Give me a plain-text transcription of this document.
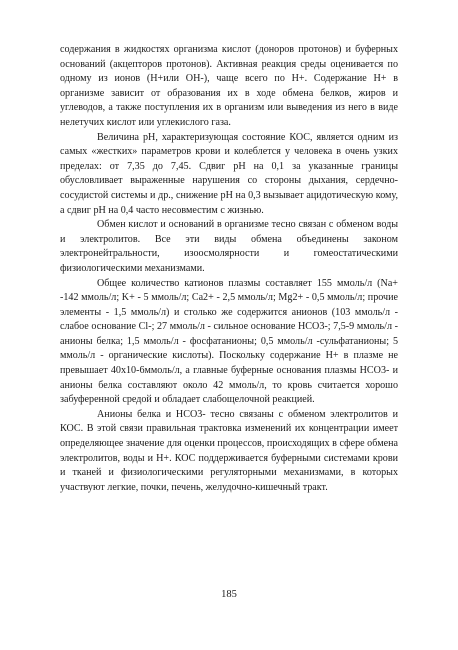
содержания в жидкостях организма кислот (доноров протонов) и буферных оснований (акцепторов протонов). Активная реакция среды оценивается по одному из ионов (H+или OH-), чаще всего по H+. Содержание H+ в организме зависит от образования их в ходе обмена белков, жиров и углеводов, а также поступления их в организм или выведения из него в виде нелетучих кислот или углекислого газа.

Величина pH, характеризующая состояние КОС, является одним из самых «жестких» параметров крови и колеблется у человека в очень узких пределах: от 7,35 до 7,45. Сдвиг pH на 0,1 за указанные границы обусловливает выраженные нарушения со стороны дыхания, сердечно-сосудистой системы и др., снижение pH на 0,3 вызывает ацидотическую кому, а сдвиг pH на 0,4 часто несовместим с жизнью.

Обмен кислот и оснований в организме тесно связан с обменом воды и электролитов. Все эти виды обмена объединены законом электронейтральности, изоосмолярности и гомеостатическими физиологическими механизмами.

Общее количество катионов плазмы составляет 155 ммоль/л (Na+ -142 ммоль/л; K+ - 5 ммоль/л; Ca2+ - 2,5 ммоль/л; Mg2+ - 0,5 ммоль/л; прочие элементы - 1,5 ммоль/л) и столько же содержится анионов (103 ммоль/л - слабое основание Cl-; 27 ммоль/л - сильное основание HCO3-; 7,5-9 ммоль/л - анионы белка; 1,5 ммоль/л - фосфатанионы; 0,5 ммоль/л -сульфатанионы; 5 ммоль/л - органические кислоты). Поскольку содержание H+ в плазме не превышает 40х10-6ммоль/л, а главные буферные основания плазмы HCO3- и анионы белка составляют около 42 ммоль/л, то кровь считается хорошо забуференной средой и обладает слабощелочной реакцией.

Анионы белка и HCO3- тесно связаны с обменом электролитов и КОС. В этой связи правильная трактовка изменений их концентрации имеет определяющее значение для оценки процессов, происходящих в сфере обмена электролитов, воды и H+. КОС поддерживается буферными системами крови и тканей и физиологическими регуляторными механизмами, в которых участвуют легкие, почки, печень, желудочно-кишечный тракт.

185
